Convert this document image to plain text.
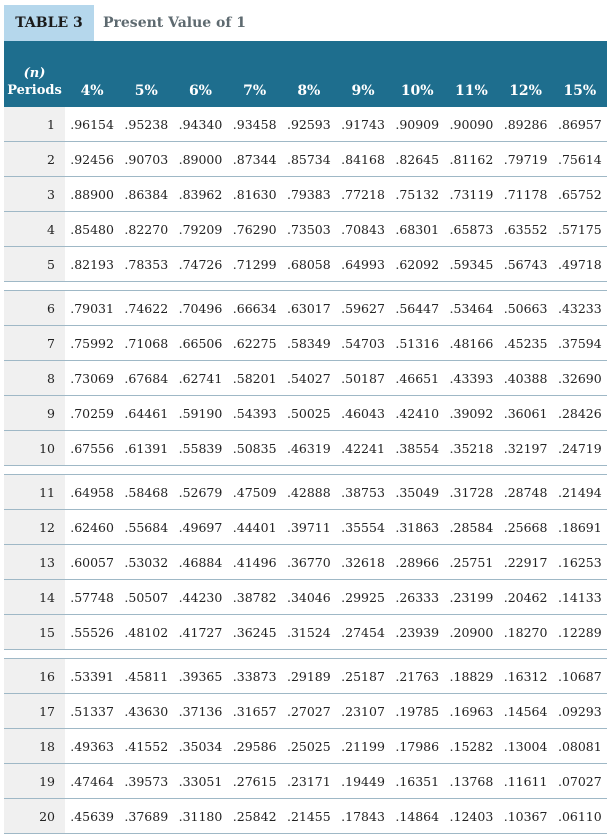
TABLE 3	Present Value of 1
(n)
Periods	4%	5%	6%	7%	8%	9%	10%	11%	12%	15%
1	.96154	.95238	.94340	.93458	.92593	.91743	.90909	.90090	.89286	.86957
2	.92456	.90703	.89000	.87344	.85734	.84168	.82645	.81162	.79719	.75614
3	.88900	.86384	.83962	.81630	.79383	.77218	.75132	.73119	.71178	.65752
4	.85480	.82270	.79209	.76290	.73503	.70843	.68301	.65873	.63552	.57175
5	.82193	.78353	.74726	.71299	.68058	.64993	.62092	.59345	.56743	.49718

6	.79031	.74622	.70496	.66634	.63017	.59627	.56447	.53464	.50663	.43233
7	.75992	.71068	.66506	.62275	.58349	.54703	.51316	.48166	.45235	.37594
8	.73069	.67684	.62741	.58201	.54027	.50187	.46651	.43393	.40388	.32690
9	.70259	.64461	.59190	.54393	.50025	.46043	.42410	.39092	.36061	.28426
10	.67556	.61391	.55839	.50835	.46319	.42241	.38554	.35218	.32197	.24719

11	.64958	.58468	.52679	.47509	.42888	.38753	.35049	.31728	.28748	.21494
12	.62460	.55684	.49697	.44401	.39711	.35554	.31863	.28584	.25668	.18691
13	.60057	.53032	.46884	.41496	.36770	.32618	.28966	.25751	.22917	.16253
14	.57748	.50507	.44230	.38782	.34046	.29925	.26333	.23199	.20462	.14133
15	.55526	.48102	.41727	.36245	.31524	.27454	.23939	.20900	.18270	.12289

16	.53391	.45811	.39365	.33873	.29189	.25187	.21763	.18829	.16312	.10687
17	.51337	.43630	.37136	.31657	.27027	.23107	.19785	.16963	.14564	.09293
18	.49363	.41552	.35034	.29586	.25025	.21199	.17986	.15282	.13004	.08081
19	.47464	.39573	.33051	.27615	.23171	.19449	.16351	.13768	.11611	.07027
20	.45639	.37689	.31180	.25842	.21455	.17843	.14864	.12403	.10367	.06110
